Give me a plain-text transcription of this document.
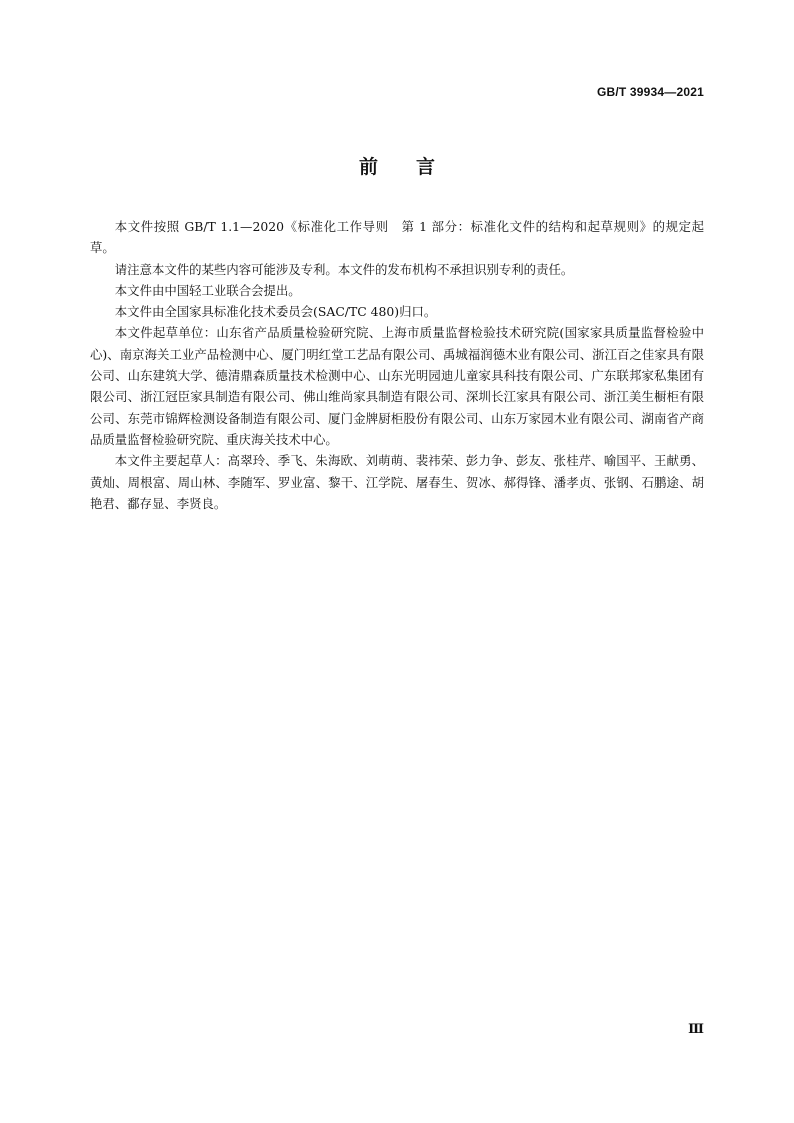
GB/T 39934—2021
前　　言

本文件按照 GB/T 1.1—2020《标准化工作导则　第 1 部分：标准化文件的结构和起草规则》的规定起草。

请注意本文件的某些内容可能涉及专利。本文件的发布机构不承担识别专利的责任。

本文件由中国轻工业联合会提出。

本文件由全国家具标准化技术委员会(SAC/TC 480)归口。

本文件起草单位：山东省产品质量检验研究院、上海市质量监督检验技术研究院(国家家具质量监督检验中心)、南京海关工业产品检测中心、厦门明红堂工艺品有限公司、禹城福润德木业有限公司、浙江百之佳家具有限公司、山东建筑大学、德清鼎森质量技术检测中心、山东光明园迪儿童家具科技有限公司、广东联邦家私集团有限公司、浙江冠臣家具制造有限公司、佛山维尚家具制造有限公司、深圳长江家具有限公司、浙江美生橱柜有限公司、东莞市锦辉检测设备制造有限公司、厦门金牌厨柜股份有限公司、山东万家园木业有限公司、湖南省产商品质量监督检验研究院、重庆海关技术中心。

本文件主要起草人：高翠玲、季飞、朱海欧、刘萌萌、裴祎荣、彭力争、彭友、张桂芹、喻国平、王献勇、黄灿、周根富、周山林、李随军、罗业富、黎干、江学院、屠春生、贺冰、郝得锋、潘孝贞、张钢、石鹏途、胡艳君、鄱存显、李贤良。

Ⅲ
